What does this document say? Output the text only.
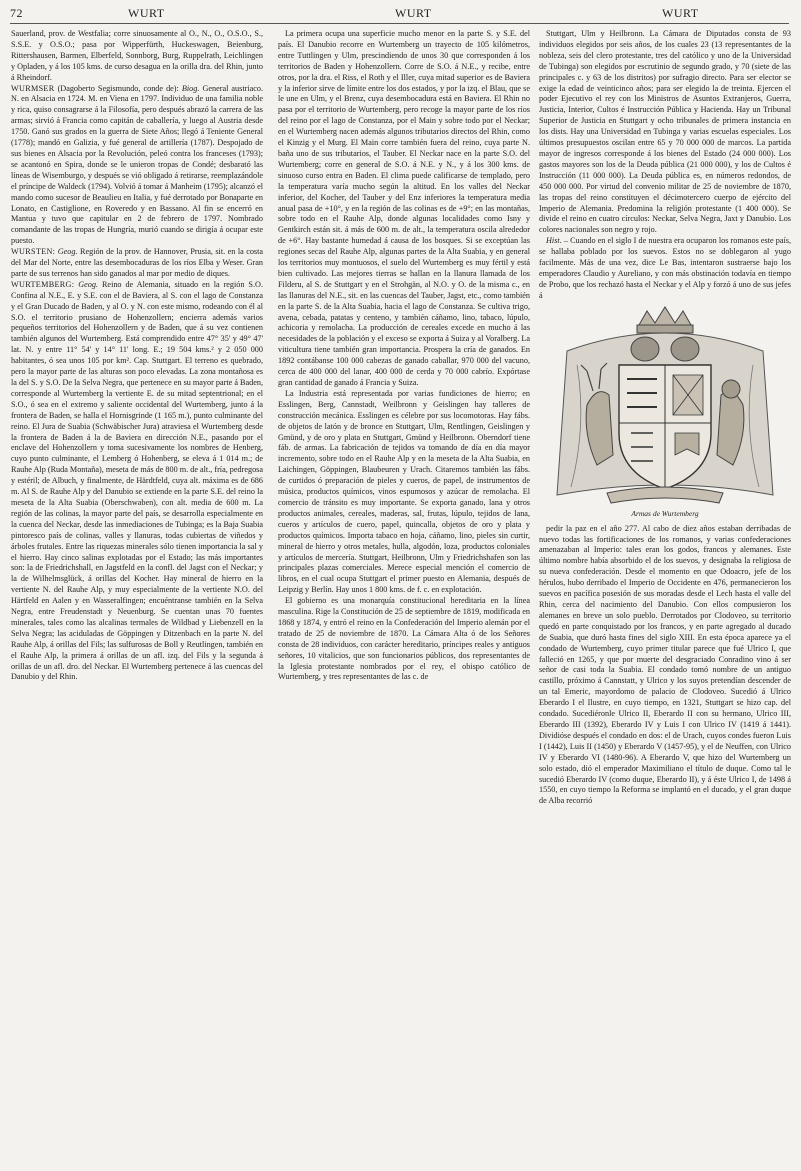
72	WURT	WURT	WURT

Sauerland, prov. de Westfalia; corre sinuosamente al O., N., O., O.S.O., S., S.S.E. y O.S.O.; pasa por Wipperfürth, Huckeswagen, Beienburg, Rittershausen, Barmen, Elberfeld, Sonnborg, Burg, Ruppelrath, Leichlingen y Opladen, y á los 105 kms. de curso desagua en la orilla dra. del Rhin, junto á Rheindorf.

WURMSER (Dagoberto Segismundo, conde de): Biog. General austriaco. N. en Alsacia en 1724. M. en Viena en 1797. Individuo de una familia noble y rica, quiso consagrarse á la Filosofía, pero después abrazó la carrera de las armas; sirvió á Francia como capitán de caballería, y luego al Austria desde 1750. Ganó sus grados en la guerra de Siete Años; llegó á Teniente General (1778); mandó en Galizia, y fué general de artillería (1787). Despojado de sus bienes en Alsacia por la Revolución, peleó contra los franceses (1793); se acantonó en Spira, donde se le unieron tropas de Condé; desbarató las líneas de Wisemburgo, y después se vió obligado á retirarse, reemplazándole el príncipe de Waldeck (1794). Volvió á tomar á Manheim (1795); alcanzó el mando como sucesor de Beaulieu en Italia, y fué derrotado por Bonaparte en Lonato, en Castiglione, en Roveredo y en Bassano. Al fin se encerró en Mantua y tuvo que capitular en 2 de febrero de 1797. Nombrado comandante de las tropas de Hungría, murió cuando se dirigía á ocupar este puesto.

WURSTEN: Geog. Región de la prov. de Hannover, Prusia, sit. en la costa del Mar del Norte, entre las desembocaduras de los ríos Elba y Weser. Gran parte de sus terrenos han sido ganados al mar por medio de diques.

WURTEMBERG: Geog. Reino de Alemania, situado en la región S.O. Confina al N.E., E. y S.E. con el de Baviera, al S. con el lago de Constanza y el Gran Ducado de Baden, y al O. y N. con este mismo, rodeando con él al S.O. el territorio prusiano de Hohenzollern; encierra además varios pequeños territorios del Hohenzollern y de Baden, que á su vez contienen también algunos del Wurtemberg. Está comprendido entre 47° 35' y 49° 47' lat. N. y entre 11° 54' y 14° 11' long. E.; 19 504 kms.² y 2 050 000 habitantes, ó sea unos 105 por km². Cap. Stuttgart. El terreno es quebrado, pero la mayor parte de las alturas son poco elevadas. La zona montañosa es la del S. y S.O. De la Selva Negra, que pertenece en su mayor parte á Baden, corresponde al Wurtemberg la vertiente E. de su mitad septentrional; en el S.O., ó sea en el extremo y saliente occidental del Wurtemberg, junto á la frontera de Baden, se halla el Hornisgrinde (1 165 m.), punto culminante del reino. El Jura de Suabia (Schwäbischer Jura) atraviesa el Wurtemberg desde la frontera de Baden á la de Baviera en dirección N.E., pasando por el enclave del Hohenzollern y toma sucesivamente los nombres de Henberg, cuyo punto culminante, el Lemberg ó Hohenberg, se eleva á 1 014 m.; de Rauhe Alp (Ruda Montaña), meseta de más de 800 m. de alt., fría, pedregosa y estéril; de Albuch, y finalmente, de Härdtfeld, cuya alt. máxima es de 686 m. Al S. de Rauhe Alp y del Danubio se extiende en la parte S.E. del reino la meseta de la Alta Suabia (Oberschwaben), con alt. media de 600 m. La región de las colinas, la mayor parte del país, se desarrolla especialmente en la cuenca del Neckar, desde las inmediaciones de Tubinga; es la Baja Suabia pintoresco país de colinas, valles y llanuras, todas cubiertas de viñedos y árboles frutales. Entre las riquezas minerales sólo tienen importancia la sal y el hierro. Hay cinco salinas explotadas por el Estado; las más importantes son: la de Friedrichshall, en Jagstfeld en la confl. del Jagst con el Neckar; y la de Wilhelmsglück, á orillas del Kocher. Hay mineral de hierro en la vertiente N. del Rauhe Alp, y muy especialmente de la vertiente N.O. del Härtfeld en Aalen y en Wasseralfingen; encuéntranse también en la Selva Negra, entre Freudenstadt y Neuenburg. Se cuentan unas 70 fuentes minerales, tales como las alcalinas termales de Wildbad y Liebenzell en la Selva Negra; las aciduladas de Göppingen y Ditzenbach en la parte N. del Rauhe Alp, á orillas del Fils; las sulfurosas de Boll y Reutlingen, también en el Rauhe Alp, la primera á orillas de un afl. izq. del Fils y la segunda á orillas de un afl. dro. del Neckar. El Wurtemberg pertenece á las cuencas del Danubio y del Rhin.

La primera ocupa una superficie mucho menor en la parte S. y S.E. del país. El Danubio recorre en Wurtemberg un trayecto de 105 kilómetros, entre Tuttlingen y Ulm, prescindiendo de unos 30 que corresponden á los territorios de Baden y Hohenzollern. Corre de S.O. á N.E., y recibe, entre otros, por la dra. el Riss, el Roth y el Iller, cuya mitad superior es de Baviera y la inferior sirve de límite entre los dos estados, y por la izq. el Blau, que se le une en Ulm, y el Brenz, cuya desembocadura está en Baviera. El Rhin no pasa por el territorio de Wurtemberg, pero recoge la mayor parte de los ríos del reino por el lago de Constanza, por el Main y sobre todo por el Neckar; en el Wurtemberg nacen además algunos tributarios directos del Rhin, como el Kinzig y el Murg. El Main corre también fuera del reino, cuya parte N. baña uno de sus tributarios, el Tauber. El Neckar nace en la parte S.O. del Wurtemberg; corre en general de S.O. á N.E. y N., y á los 300 kms. de sinuoso curso entra en Baden. El clima puede calificarse de templado, pero la temperatura varía mucho según la altitud. En los valles del Neckar inferior, del Kocher, del Tauber y del Enz inferiores la temperatura media anual pasa de +10°, y en la región de las colinas es de +9°; en las montañas, sobre todo en el Rauhe Alp, donde algunas localidades como Isny y Gentkirch están sit. á más de 600 m. de alt., la temperatura oscila alrededor de +6°. Hay bastante humedad á causa de los bosques. Si se exceptúan las regiones secas del Rauhe Alp, algunas partes de la Alta Suabia, y en general los territorios muy montuosos, el suelo del Wurtemberg es muy fértil y está bien cultivado. Las mejores tierras se hallan en la llanura llamada de los Filderu, al S. de Stuttgart y en el Strohgän, al N.O. y O. de la misma c., en las llanuras del N.E., sit. en las cuencas del Tauber, Jagst, etc., como también en la parte S. de la Alta Suabia, hacia el lago de Constanza. Se cultiva trigo, avena, cebada, patatas y centeno, y también cáñamo, lino, tabaco, lúpulo, achicoria y remolacha. La producción de cereales excede en mucho á las necesidades de la población y el exceso se exporta á Suiza y al Voralberg. La viticultura tiene también gran importancia. Prospera la cría de ganados. En 1892 contábanse 100 000 cabezas de ganado caballar, 970 000 del vacuno, cerca de 400 000 del lanar, 400 000 de cerda y 70 000 cabrío. Expórtase gran cantidad de ganado á Francia y Suiza.

La Industria está representada por varias fundiciones de hierro; en Esslingen, Berg, Cannstadt, Weilbronn y Geislingen hay talleres de construcción mecánica. Esslingen es célebre por sus locomotoras. Hay fábs. de objetos de latón y de bronce en Stuttgart, Ulm, Rentlingen, Geislingen y Gmünd, y de oro y plata en Stuttgart, Gmünd y Heilbronn. Oberndorf tiene fáb. de armas. La fabricación de tejidos va tomando de día en día mayor incremento, sobre todo en el Rauhe Alp y en la meseta de la Alta Suabia, en Laichingen, Göppingen, Blaubeuren y Urach. Citaremos también las fábs. de curtidos ó preparación de pieles y cueros, de papel, de instrumentos de música, productos químicos, vinos espumosos y azúcar de remolacha. El comercio de tránsito es muy importante. Se exporta ganado, lana y otros productos animales, cereales, maderas, sal, frutas, lúpulo, tejidos de lana, cueros y artículos de cuero, papel, quincalla, objetos de oro y plata y productos químicos. Importa tabaco en hoja, cáñamo, lino, pieles sin curtir, mineral de hierro y otros metales, hulla, algodón, loza, productos coloniales y artículos de mercería. Stuttgart, Heilbronn, Ulm y Friedrichshafen son las principales plazas comerciales. Merece especial mención el comercio de libros, en el cual ocupa Stuttgart el primer puesto en Alemania, después de Leipzig y Berlín. Hay unos 1 800 kms. de f. c. en explotación.

El gobierno es una monarquía constitucional hereditaria en la línea masculina. Rige la Constitución de 25 de septiembre de 1819, modificada en 1868 y 1874, y entró el reino en la Confederación del Imperio alemán por el tratado de 25 de noviembre de 1870. La Cámara Alta ó de los Señores consta de 28 individuos, con carácter hereditario, príncipes reales y antiguos señores, 10 vitalicios, que son funcionarios públicos, dos representantes de la Iglesia protestante nombrados por el rey, el obispo católico de Wurtemberg, y tres representantes de las c. de

Stuttgart, Ulm y Heilbronn. La Cámara de Diputados consta de 93 individuos elegidos por seis años, de los cuales 23 (13 representantes de la nobleza, seis del clero protestante, tres del católico y uno de la Universidad de Tubinga) son elegidos por escrutinio de segundo grado, y 70 (siete de las principales c. y 63 de los distritos) por sufragio directo. Para ser elector se exige la edad de veinticinco años; para ser elegido la de treinta. Ejercen el poder Ejecutivo el rey con los Ministros de Asuntos Extranjeros, Guerra, Justicia, Interior, Cultos é Instrucción Pública y Hacienda. Hay un Tribunal Superior de Justicia en Stuttgart y ocho tribunales de primera instancia en los dists. Hay una Universidad en Tubinga y varias escuelas especiales. Los últimos presupuestos oscilan entre 65 y 70 000 000 de marcos. La partida mayor de ingresos corresponde á los bienes del Estado (24 000 000). Los gastos mayores son los de la Deuda pública (21 000 000), y los de Cultos é Instrucción (11 000 000). La Deuda pública es, en números redondos, de 450 000 000. Por virtud del convenio militar de 25 de noviembre de 1870, las tropas del reino constituyen el décimotercero cuerpo de ejército del Imperio de Alemania. Predomina la religión protestante (1 400 000). Se divide el reino en cuatro círculos: Neckar, Selva Negra, Jaxt y Danubio. Los colores nacionales son negro y rojo.

Hist. – Cuando en el siglo I de nuestra era ocuparon los romanos este país, se hallaba poblado por los suevos. Estos no se doblegaron al yugo facilmente. Más de una vez, dice Le Bas, intentaron sustraerse bajo los emperadores Claudio y Aureliano, y con más obstinación todavía en tiempo de Probo, que los rechazó hasta el Neckar y el Alp y forzó á uno de sus jefes á

Armas de Wurtemberg

pedir la paz en el año 277. Al cabo de diez años estaban derribadas de nuevo todas las fortificaciones de los romanos, y varias confederaciones amenazaban al Imperio: tales eran los godos, francos y alemanes. Este último nombre había absorbido el de los suevos, y designaba la religiosa de su nueva confederación. Desde el momento en que Odoacro, jefe de los hérulos, hubo derribado el Imperio de Occidente en 476, permanecieron los suevos en pacífica posesión de sus moradas desde el Lech hasta el valle del Rhin, cerca del nacimiento del Danubio. Con ellos compusieron los alemanes en breve un solo pueblo. Derrotados por Clodoveo, su territorio quedó en parte conquistado por los francos, y en parte agregado al ducado de Suabia, que duró hasta fines del siglo XIII. En esta época aparece ya el condado de Wurtemberg, cuyo primer titular parece que fué Ulrico I, que falleció en 1265, y que por muerte del desgraciado Conradino vino á ser señor de casi toda la Suabia. El condado tomó nombre de un antiguo castillo, próximo á Cannstatt, y Ulrico y los suyos pretendían descender de un tal Emeric, mayordomo de palacio de Clodoveo. Sucedió á Ulrico Eberardo I el Ilustre, en cuyo tiempo, en 1321, Stuttgart se hizo cap. del condado. Sucediéronle Ulrico II, Eberardo II con su hermano, Ulrico III, Eberardo III (1392), Eberardo IV y Luis I con Ulrico IV (1419 á 1441). Dividióse después el condado en dos: el de Urach, cuyos condes fueron Luis I (1442), Luis II (1450) y Eberardo V (1457-95), y el de Neuffen, con Ulrico IV y Eberardo VI (1480-96). A Eberardo V, que hizo del Wurtemberg un solo estado, dió el emperador Maximiliano el título de duque. Como tal le sucedió Eberardo IV (como duque, Eberardo II), y á éste Ulrico I, de 1498 á 1550, en cuyo tiempo la Reforma se implantó en el ducado, y el gran duque de Alba recorrió
